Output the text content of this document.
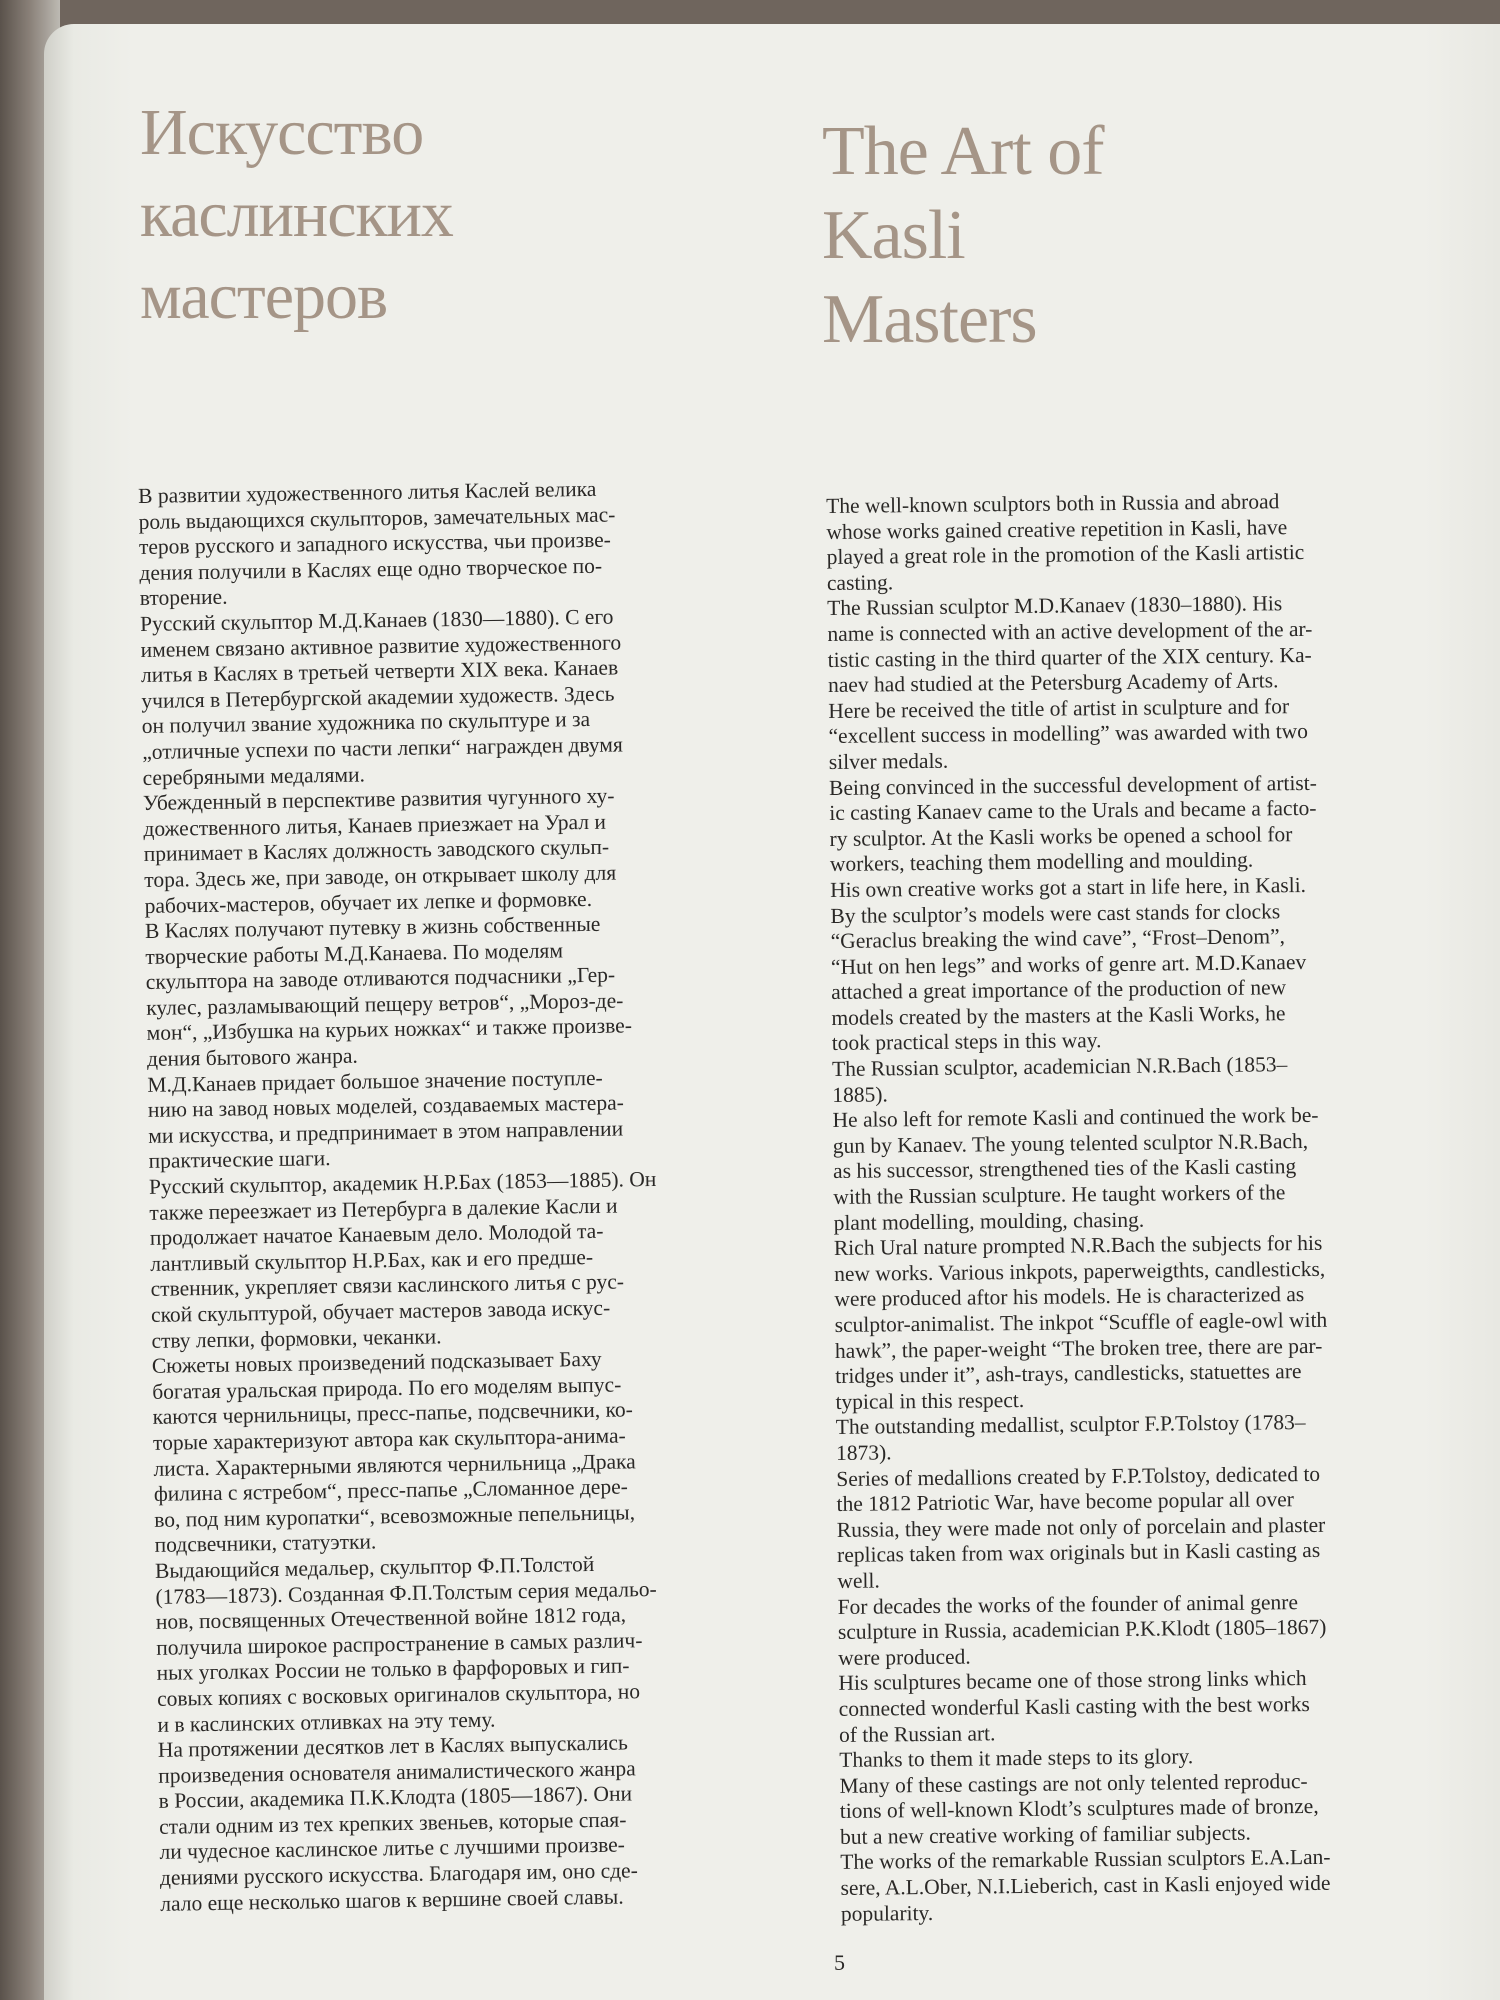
Искусство
каслинских
мастеров
The Art of
Kasli
Masters
В развитии художественного литья Каслей велика
роль выдающихся скульпторов, замечательных мас-
теров русского и западного искусства, чьи произве-
дения получили в Каслях еще одно творческое по-
вторение.
Русский скульптор М.Д.Канаев (1830—1880). С его
именем связано активное развитие художественного
литья в Каслях в третьей четверти XIX века. Канаев
учился в Петербургской академии художеств. Здесь
он получил звание художника по скульптуре и за
„отличные успехи по части лепки“ награжден двумя
серебряными медалями.
Убежденный в перспективе развития чугунного ху-
дожественного литья, Канаев приезжает на Урал и
принимает в Каслях должность заводского скульп-
тора. Здесь же, при заводе, он открывает школу для
рабочих-мастеров, обучает их лепке и формовке.
В Каслях получают путевку в жизнь собственные
творческие работы М.Д.Канаева. По моделям
скульптора на заводе отливаются подчасники „Гер-
кулес, разламывающий пещеру ветров“, „Мороз-де-
мон“, „Избушка на курьих ножках“ и также произве-
дения бытового жанра.
М.Д.Канаев придает большое значение поступле-
нию на завод новых моделей, создаваемых мастера-
ми искусства, и предпринимает в этом направлении
практические шаги.
Русский скульптор, академик Н.Р.Бах (1853—1885). Он
также переезжает из Петербурга в далекие Касли и
продолжает начатое Канаевым дело. Молодой та-
лантливый скульптор Н.Р.Бах, как и его предше-
ственник, укрепляет связи каслинского литья с рус-
ской скульптурой, обучает мастеров завода искус-
ству лепки, формовки, чеканки.
Сюжеты новых произведений подсказывает Баху
богатая уральская природа. По его моделям выпус-
каются чернильницы, пресс-папье, подсвечники, ко-
торые характеризуют автора как скульптора-анима-
листа. Характерными являются чернильница „Драка
филина с ястребом“, пресс-папье „Сломанное дере-
во, под ним куропатки“, всевозможные пепельницы,
подсвечники, статуэтки.
Выдающийся медальер, скульптор Ф.П.Толстой
(1783—1873). Созданная Ф.П.Толстым серия медальо-
нов, посвященных Отечественной войне 1812 года,
получила широкое распространение в самых различ-
ных уголках России не только в фарфоровых и гип-
совых копиях с восковых оригиналов скульптора, но
и в каслинских отливках на эту тему.
На протяжении десятков лет в Каслях выпускались
произведения основателя анималистического жанра
в России, академика П.К.Клодта (1805—1867). Они
стали одним из тех крепких звеньев, которые спая-
ли чудесное каслинское литье с лучшими произве-
дениями русского искусства. Благодаря им, оно сде-
лало еще несколько шагов к вершине своей славы.
The well-known sculptors both in Russia and abroad
whose works gained creative repetition in Kasli, have
played a great role in the promotion of the Kasli artistic
casting.
The Russian sculptor M.D.Kanaev (1830–1880). His
name is connected with an active development of the ar-
tistic casting in the third quarter of the XIX century. Ka-
naev had studied at the Petersburg Academy of Arts.
Here be received the title of artist in sculpture and for
“excellent success in modelling” was awarded with two
silver medals.
Being convinced in the successful development of artist-
ic casting Kanaev came to the Urals and became a facto-
ry sculptor. At the Kasli works be opened a school for
workers, teaching them modelling and moulding.
His own creative works got a start in life here, in Kasli.
By the sculptor’s models were cast stands for clocks
“Geraclus breaking the wind cave”, “Frost–Denom”,
“Hut on hen legs” and works of genre art. M.D.Kanaev
attached a great importance of the production of new
models created by the masters at the Kasli Works, he
took practical steps in this way.
The Russian sculptor, academician N.R.Bach (1853–
1885).
He also left for remote Kasli and continued the work be-
gun by Kanaev. The young telented sculptor N.R.Bach,
as his successor, strengthened ties of the Kasli casting
with the Russian sculpture. He taught workers of the
plant modelling, moulding, chasing.
Rich Ural nature prompted N.R.Bach the subjects for his
new works. Various inkpots, paperweigthts, candlesticks,
were produced aftor his models. He is characterized as
sculptor-animalist. The inkpot “Scuffle of eagle-owl with
hawk”, the paper-weight “The broken tree, there are par-
tridges under it”, ash-trays, candlesticks, statuettes are
typical in this respect.
The outstanding medallist, sculptor F.P.Tolstoy (1783–
1873).
Series of medallions created by F.P.Tolstoy, dedicated to
the 1812 Patriotic War, have become popular all over
Russia, they were made not only of porcelain and plaster
replicas taken from wax originals but in Kasli casting as
well.
For decades the works of the founder of animal genre
sculpture in Russia, academician P.K.Klodt (1805–1867)
were produced.
His sculptures became one of those strong links which
connected wonderful Kasli casting with the best works
of the Russian art.
Thanks to them it made steps to its glory.
Many of these castings are not only telented reproduc-
tions of well-known Klodt’s sculptures made of bronze,
but a new creative working of familiar subjects.
The works of the remarkable Russian sculptors E.A.Lan-
sere, A.L.Ober, N.I.Lieberich, cast in Kasli enjoyed wide
popularity.
5
